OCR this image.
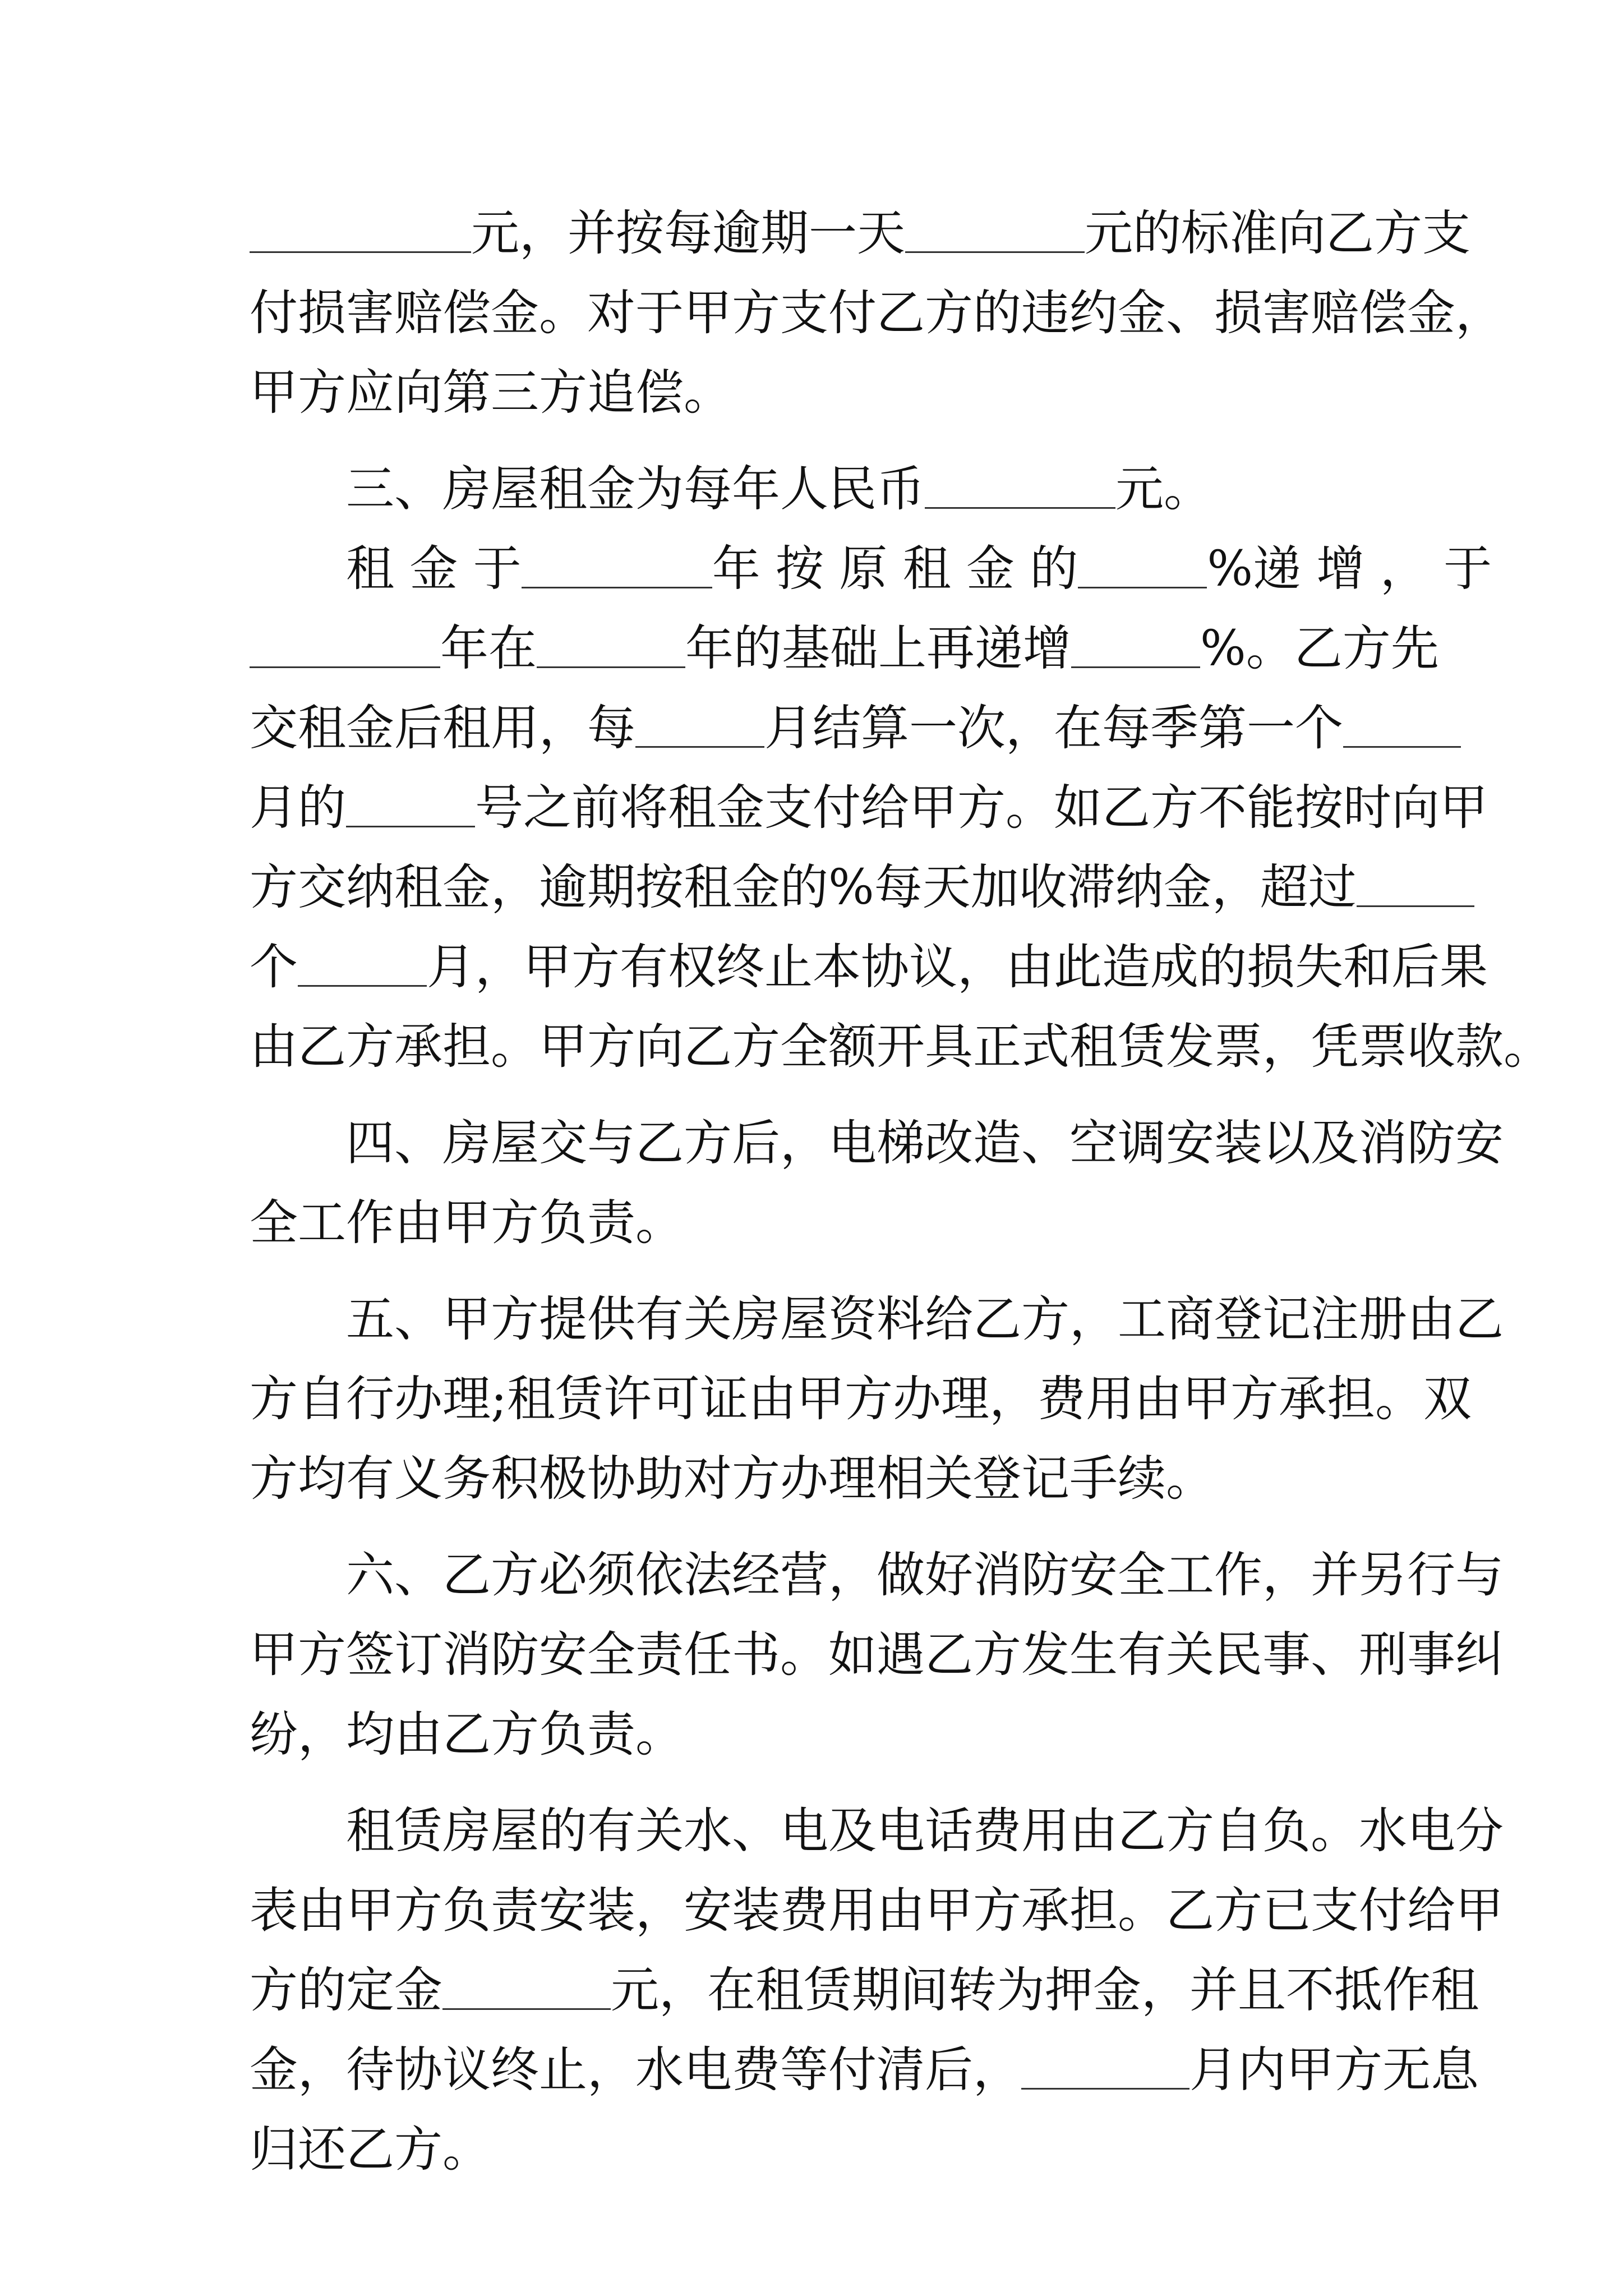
元，并按每逾期一天	元的标准向乙方支
付损害赔偿金。对于甲方支付乙方的违约金、损害赔偿金，
甲方应向第三方追偿。
三、房屋租金为每年人民币	元。
租 金 于	年 按 原 租 金 的	%递 增 ， 于
年在	年的基础上再递增	%。乙方先
交租金后租用，每	月结算一次，在每季第一个
月的	号之前将租金支付给甲方。如乙方不能按时向甲
方交纳租金，逾期按租金的%每天加收滞纳金，超过
个	月，甲方有权终止本协议，由此造成的损失和后果
由乙方承担。甲方向乙方全额开具正式租赁发票，凭票收款。
四、房屋交与乙方后，电梯改造、空调安装以及消防安
全工作由甲方负责。
五、甲方提供有关房屋资料给乙方，工商登记注册由乙
方自行办理;租赁许可证由甲方办理，费用由甲方承担。双
方均有义务积极协助对方办理相关登记手续。
六、乙方必须依法经营，做好消防安全工作，并另行与
甲方签订消防安全责任书。如遇乙方发生有关民事、刑事纠
纷，均由乙方负责。
租赁房屋的有关水、电及电话费用由乙方自负。水电分
表由甲方负责安装，安装费用由甲方承担。乙方已支付给甲
方的定金	元，在租赁期间转为押金，并且不抵作租
金，待协议终止，水电费等付清后，	月内甲方无息
归还乙方。
